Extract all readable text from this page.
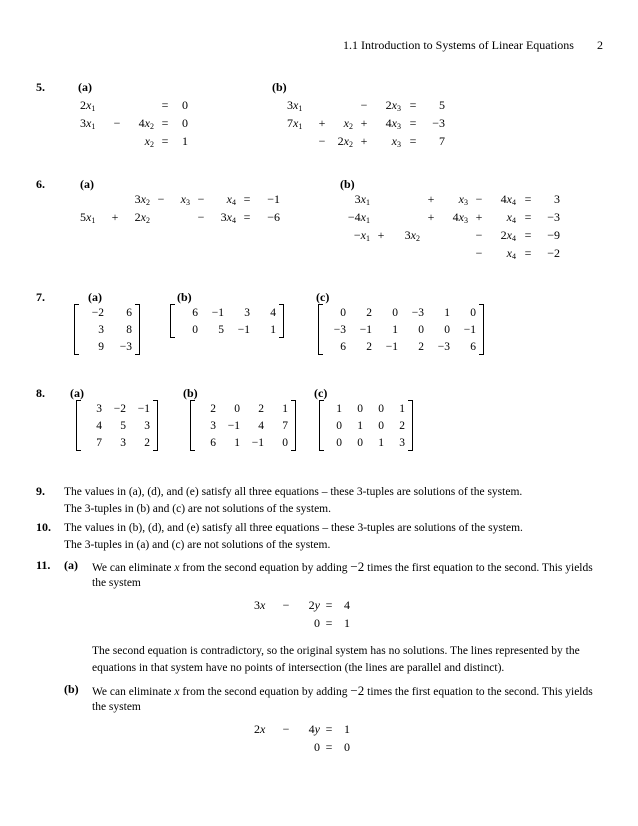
1.1 Introduction to Systems of Linear Equations 2
5.	(a)	(b)
$2x_1$			=	0
$3x_1$	−	$4x_2$	=	0
		$x_2$	=	1
$3x_1$			−	$2x_3$	=	5
$7x_1$	+	$x_2$	+	$4x_3$	=	−3
	−	$2x_2$	+	$x_3$	=	7
6.	(a)	(b)
		$3x_2$	−	$x_3$	−	$x_4$	=	−1
$5x_1$	+	$2x_2$			−	$3x_4$	=	−6
$3x_1$			+	$x_3$	−	$4x_4$	=	3
$-4x_1$			+	$4x_3$	+	$x_4$	=	−3
$-x_1$	+	$3x_2$			−	$2x_4$	=	−9
					−	$x_4$	=	−2
7.	(a)	(b)	(c)
−2	6
3	8
9	−3
6	−1	3	4
0	5	−1	1
0	2	0	−3	1	0
−3	−1	1	0	0	−1
6	2	−1	2	−3	6
8. (a)	(b)	(c)
3	−2	−1
4	5	3
7	3	2
2	0	2	1
3	−1	4	7
6	1	−1	0
1	0	0	1
0	1	0	2
0	0	1	3
9. The values in (a), (d), and (e) satisfy all three equations – these 3-tuples are solutions of the system.
The 3-tuples in (b) and (c) are not solutions of the system.
10. The values in (b), (d), and (e) satisfy all three equations – these 3-tuples are solutions of the system.
The 3-tuples in (a) and (c) are not solutions of the system.
11. (a) We can eliminate x from the second equation by adding −2 times the first equation to the second. This yields
the system
3x	−	2y	=	4
		0	=	1
The second equation is contradictory, so the original system has no solutions. The lines represented by the
equations in that system have no points of intersection (the lines are parallel and distinct).
(b) We can eliminate x from the second equation by adding −2 times the first equation to the second. This yields
the system
2x	−	4y	=	1
		0	=	0
